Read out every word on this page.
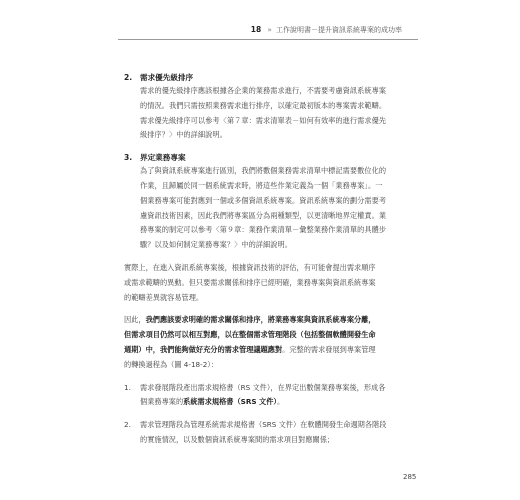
18 » 工作說明書－提升資訊系統專案的成功率
2. 需求優先級排序
需求的優先級排序應該根據各企業的業務需求進行，不需要考慮資訊系統專案
的情況。我們只需按照業務需求進行排序，以確定最初版本的專案需求範疇。
需求優先級排序可以參考〈第７章：需求清單表－如何有效率的進行需求優先
級排序？〉中的詳細說明。
3. 界定業務專案
為了與資訊系統專案進行區別，我們將數個業務需求清單中標記需要數位化的
作業，且歸屬於同一個系統需求時，將這些作業定義為一個「業務專案」。一
個業務專案可能對應到一個或多個資訊系統專案。資訊系統專案的劃分需要考
慮資訊技術因素，因此我們將專案區分為兩種類型，以更清晰地界定權責。業
務專案的制定可以參考〈第９章：業務作業清單－彙整業務作業清單的具體步
驟？以及如何制定業務專案？〉中的詳細說明。
實際上，在進入資訊系統專案後，根據資訊技術的評估，有可能會提出需求順序
或需求範疇的異動。但只要需求關係和排序已經明確，業務專案與資訊系統專案
的範疇差異就容易管理。
因此，我們應該要求明確的需求關係和排序，將業務專案與資訊系統專案分離，
但需求項目仍然可以相互對應，以在整個需求管理階段（包括整個軟體開發生命
週期）中，我們能夠做好充分的需求管理議題應對。完整的需求發展到專案管理
的轉換過程為（圖 4-18-2）：
1.	需求發展階段產出需求規格書（RS 文件），在界定出數個業務專案後，形成各
個業務專案的系統需求規格書（SRS 文件）。
2.	需求管理階段為管理系統需求規格書（SRS 文件）在軟體開發生命週期各階段
的實施情況，以及數個資訊系統專案間的需求項目對應關係；
285
